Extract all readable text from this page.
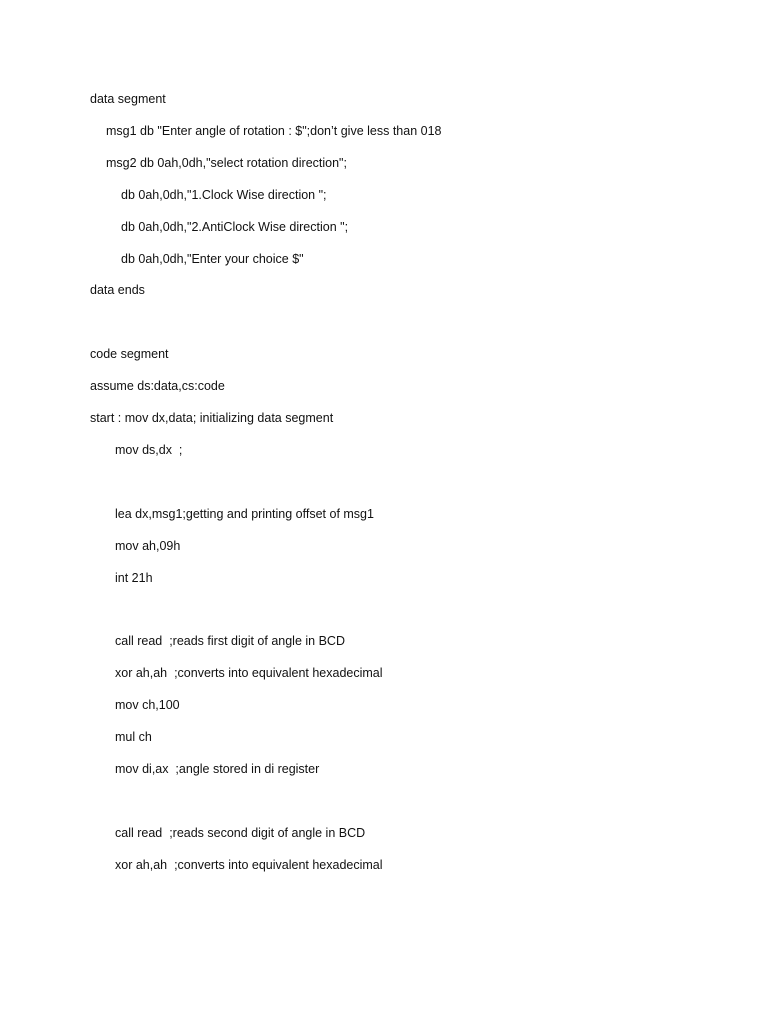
data segment
msg1 db "Enter angle of rotation : $";don’t give less than 018
msg2 db 0ah,0dh,"select rotation direction";
db 0ah,0dh,"1.Clock Wise direction ";
db 0ah,0dh,"2.AntiClock Wise direction ";
db 0ah,0dh,"Enter your choice $"
data ends
code segment
assume ds:data,cs:code
start : mov dx,data; initializing data segment
mov ds,dx  ;
lea dx,msg1;getting and printing offset of msg1
mov ah,09h
int 21h
call read  ;reads first digit of angle in BCD
xor ah,ah  ;converts into equivalent hexadecimal
mov ch,100
mul ch
mov di,ax  ;angle stored in di register
call read  ;reads second digit of angle in BCD
xor ah,ah  ;converts into equivalent hexadecimal
